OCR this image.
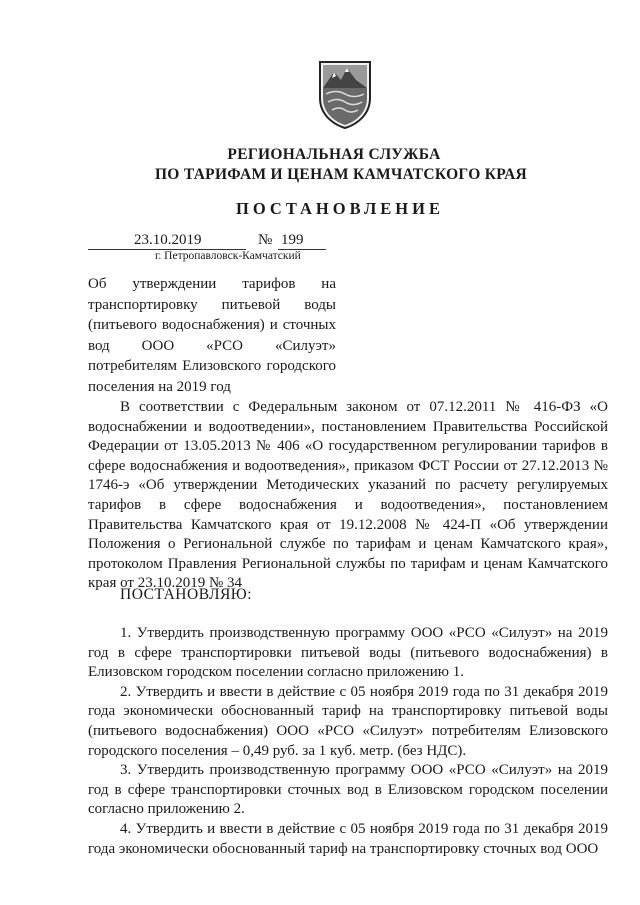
РЕГИОНАЛЬНАЯ СЛУЖБА
ПО ТАРИФАМ И ЦЕНАМ КАМЧАТСКОГО КРАЯ
ПОСТАНОВЛЕНИЕ
23.10.2019	№ 199
г. Петропавловск-Камчатский
Об утверждении тарифов на транспортировку питьевой воды (питьевого водоснабжения) и сточных вод ООО «РСО «Силуэт» потребителям Елизовского городского поселения на 2019 год
В соответствии с Федеральным законом от 07.12.2011 № 416-ФЗ «О водоснабжении и водоотведении», постановлением Правительства Российской Федерации от 13.05.2013 № 406 «О государственном регулировании тарифов в сфере водоснабжения и водоотведения», приказом ФСТ России от 27.12.2013 № 1746-э «Об утверждении Методических указаний по расчету регулируемых тарифов в сфере водоснабжения и водоотведения», постановлением Правительства Камчатского края от 19.12.2008 № 424-П «Об утверждении Положения о Региональной службе по тарифам и ценам Камчатского края», протоколом Правления Региональной службы по тарифам и ценам Камчатского края от 23.10.2019 № 34
ПОСТАНОВЛЯЮ:

1. Утвердить производственную программу ООО «РСО «Силуэт» на 2019 год в сфере транспортировки питьевой воды (питьевого водоснабжения) в Елизовском городском поселении согласно приложению 1.

2. Утвердить и ввести в действие с 05 ноября 2019 года по 31 декабря 2019 года экономически обоснованный тариф на транспортировку питьевой воды (питьевого водоснабжения) ООО «РСО «Силуэт» потребителям Елизовского городского поселения – 0,49 руб. за 1 куб. метр. (без НДС).

3. Утвердить производственную программу ООО «РСО «Силуэт» на 2019 год в сфере транспортировки сточных вод в Елизовском городском поселении согласно приложению 2.

4. Утвердить и ввести в действие с 05 ноября 2019 года по 31 декабря 2019 года экономически обоснованный тариф на транспортировку сточных вод ООО
